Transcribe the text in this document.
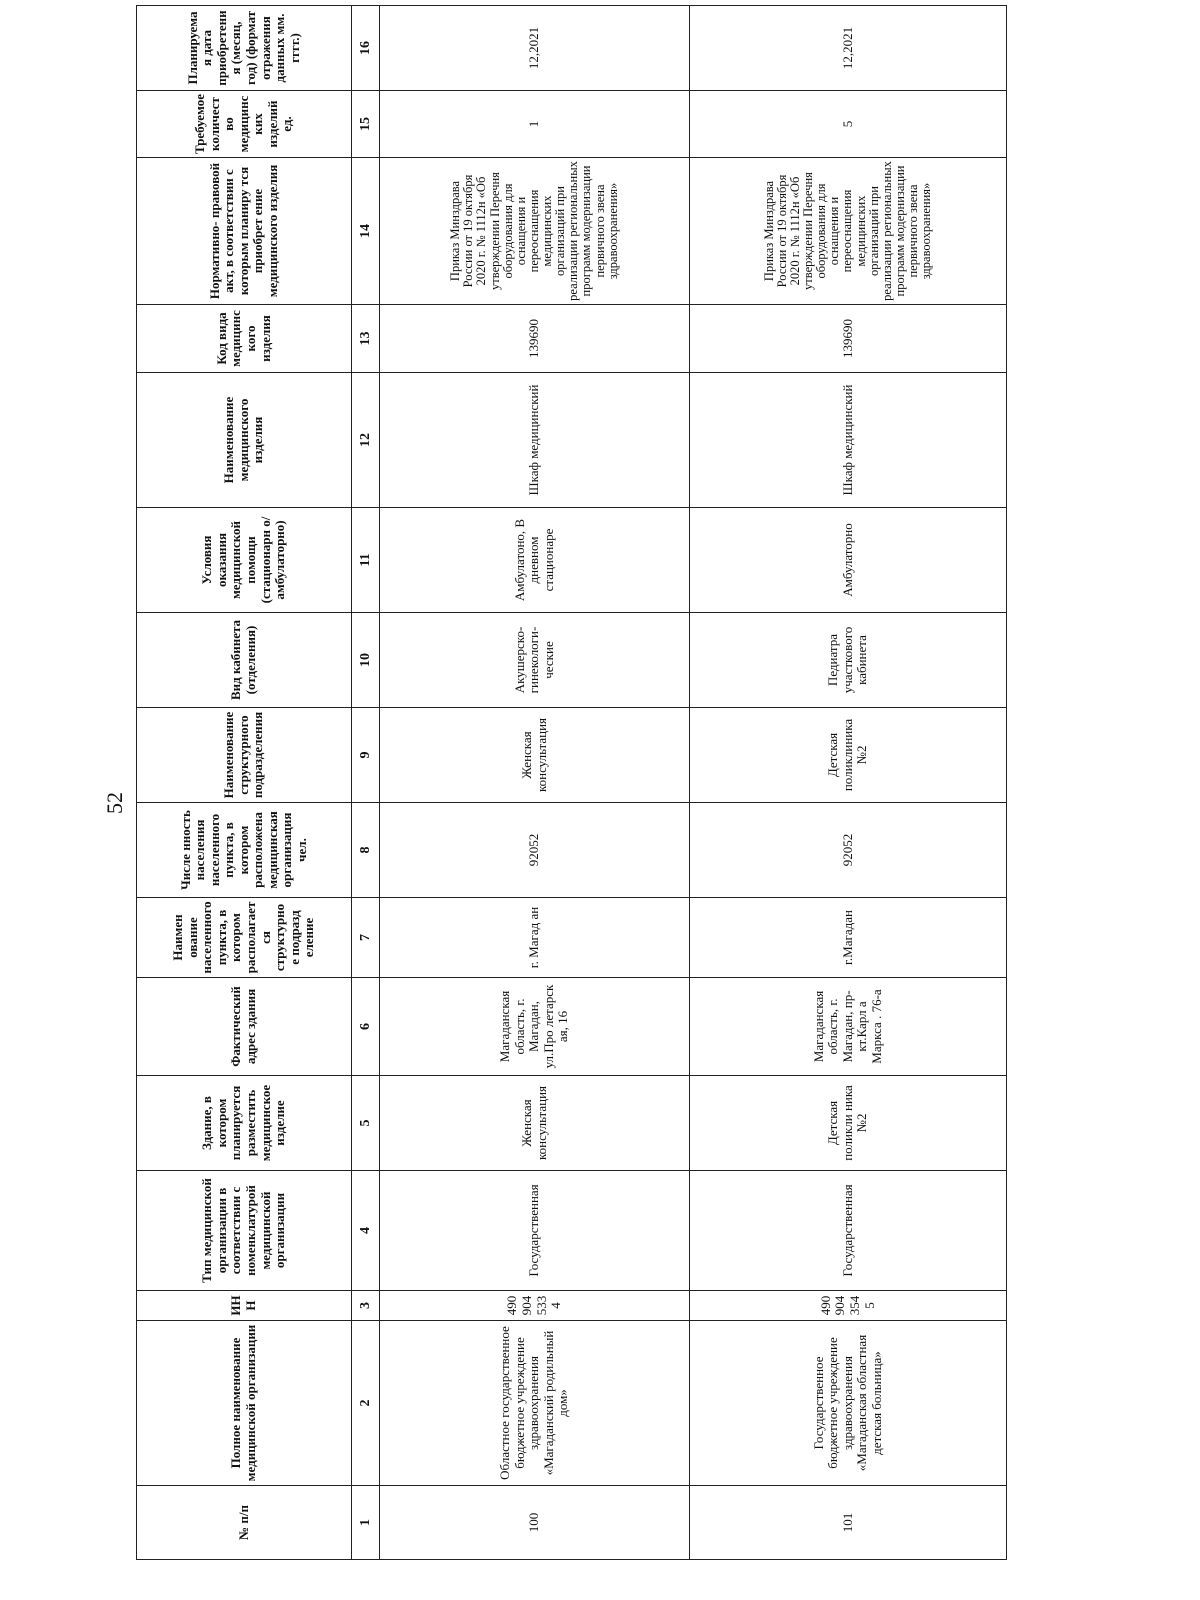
52
№ п/п	Полное наименование медицинской организации	ИНН	Тип медицинской организации в соответствии с номенклатурой медицинской организации	Здание, в котором планируется разместить медицинское изделие	Фактический адрес здания	Наимен ование населенного пункта, в котором располагается структурное подразд еление	Числе нность населения населенного пункта, в котором расположена медицинская организация чел.	Наименование структурного подразделения	Вид кабинета (отделения)	Условия оказания медицинской помощи (стационарн о/амбулаторно)	Наименование медицинского изделия	Код вида медицинского изделия	Нормативно- правовой акт, в соответствии с которым планиру тся приобрет ение медицинского изделия	Требуемое количество медицинских изделий ед.	Планируемая дата приобретения (месяц, год) (формат отражения данных мм. гггг.)
1	2	3	4	5	6	7	8	9	10	11	12	13	14	15	16
100	Областное государственное бюджетное учреждение здравоохранения «Магаданский родильный дом»	4909045334	Государственная	Женская консультация	Магаданская область, г. Магадан, ул.Про летарск ая, 16	г. Магад ан	92052	Женская консультация	Акушерско-гинекологи-ческие	Амбулатоно, В дневном стационаре	Шкаф медицинский	139690	Приказ Минздрава России от 19 октября 2020 г. № 1112н «Об утверждении Перечня оборудования для оснащения и переоснащения медицинских организаций при реализации региональных программ модернизации первичного звена здравоохранения»	1	12,2021
101	Государственное бюджетное учреждение здравоохранения «Магаданская областная детская больница»	4909043545	Государственная	Детская поликли ника №2	Магаданская область, г. Магадан, пр-кт.Карл а Маркса . 76-а	г.Магадан	92052	Детская поликлиника №2	Педиатра участкового кабинета	Амбулаторно	Шкаф медицинский	139690	Приказ Минздрава России от 19 октября 2020 г. № 1112н «Об утверждении Перечня оборудования для оснащения и переоснащения медицинских организаций при реализации региональных программ модернизации первичного звена здравоохранения»	5	12,2021
